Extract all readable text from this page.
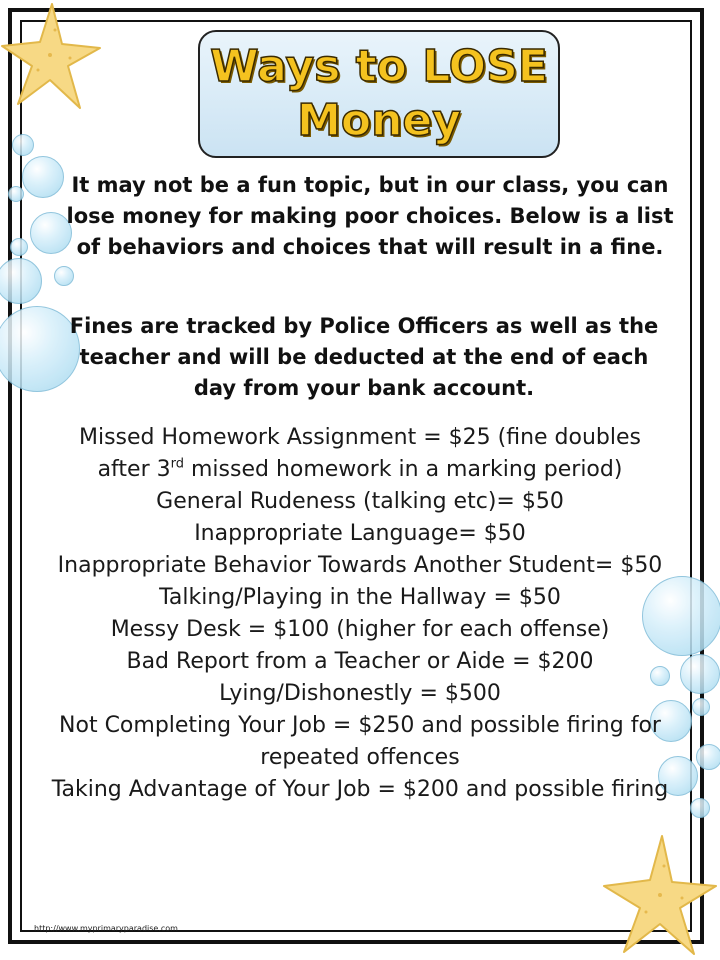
Ways to LOSE
Money

It may not be a fun topic, but in our class, you can lose money for making poor choices. Below is a list of behaviors and choices that will result in a fine.

Fines are tracked by Police Officers as well as the teacher and will be deducted at the end of each day from your bank account.

Missed Homework Assignment = $25 (fine doubles after 3rd missed homework in a marking period)
General Rudeness (talking etc)= $50
Inappropriate Language= $50
Inappropriate Behavior Towards Another Student= $50
Talking/Playing in the Hallway = $50
Messy Desk = $100 (higher for each offense)
Bad Report from a Teacher or Aide = $200
Lying/Dishonestly = $500
Not Completing Your Job = $250 and possible firing for repeated offences
Taking Advantage of Your Job = $200 and possible firing
http://www.myprimaryparadise.com
